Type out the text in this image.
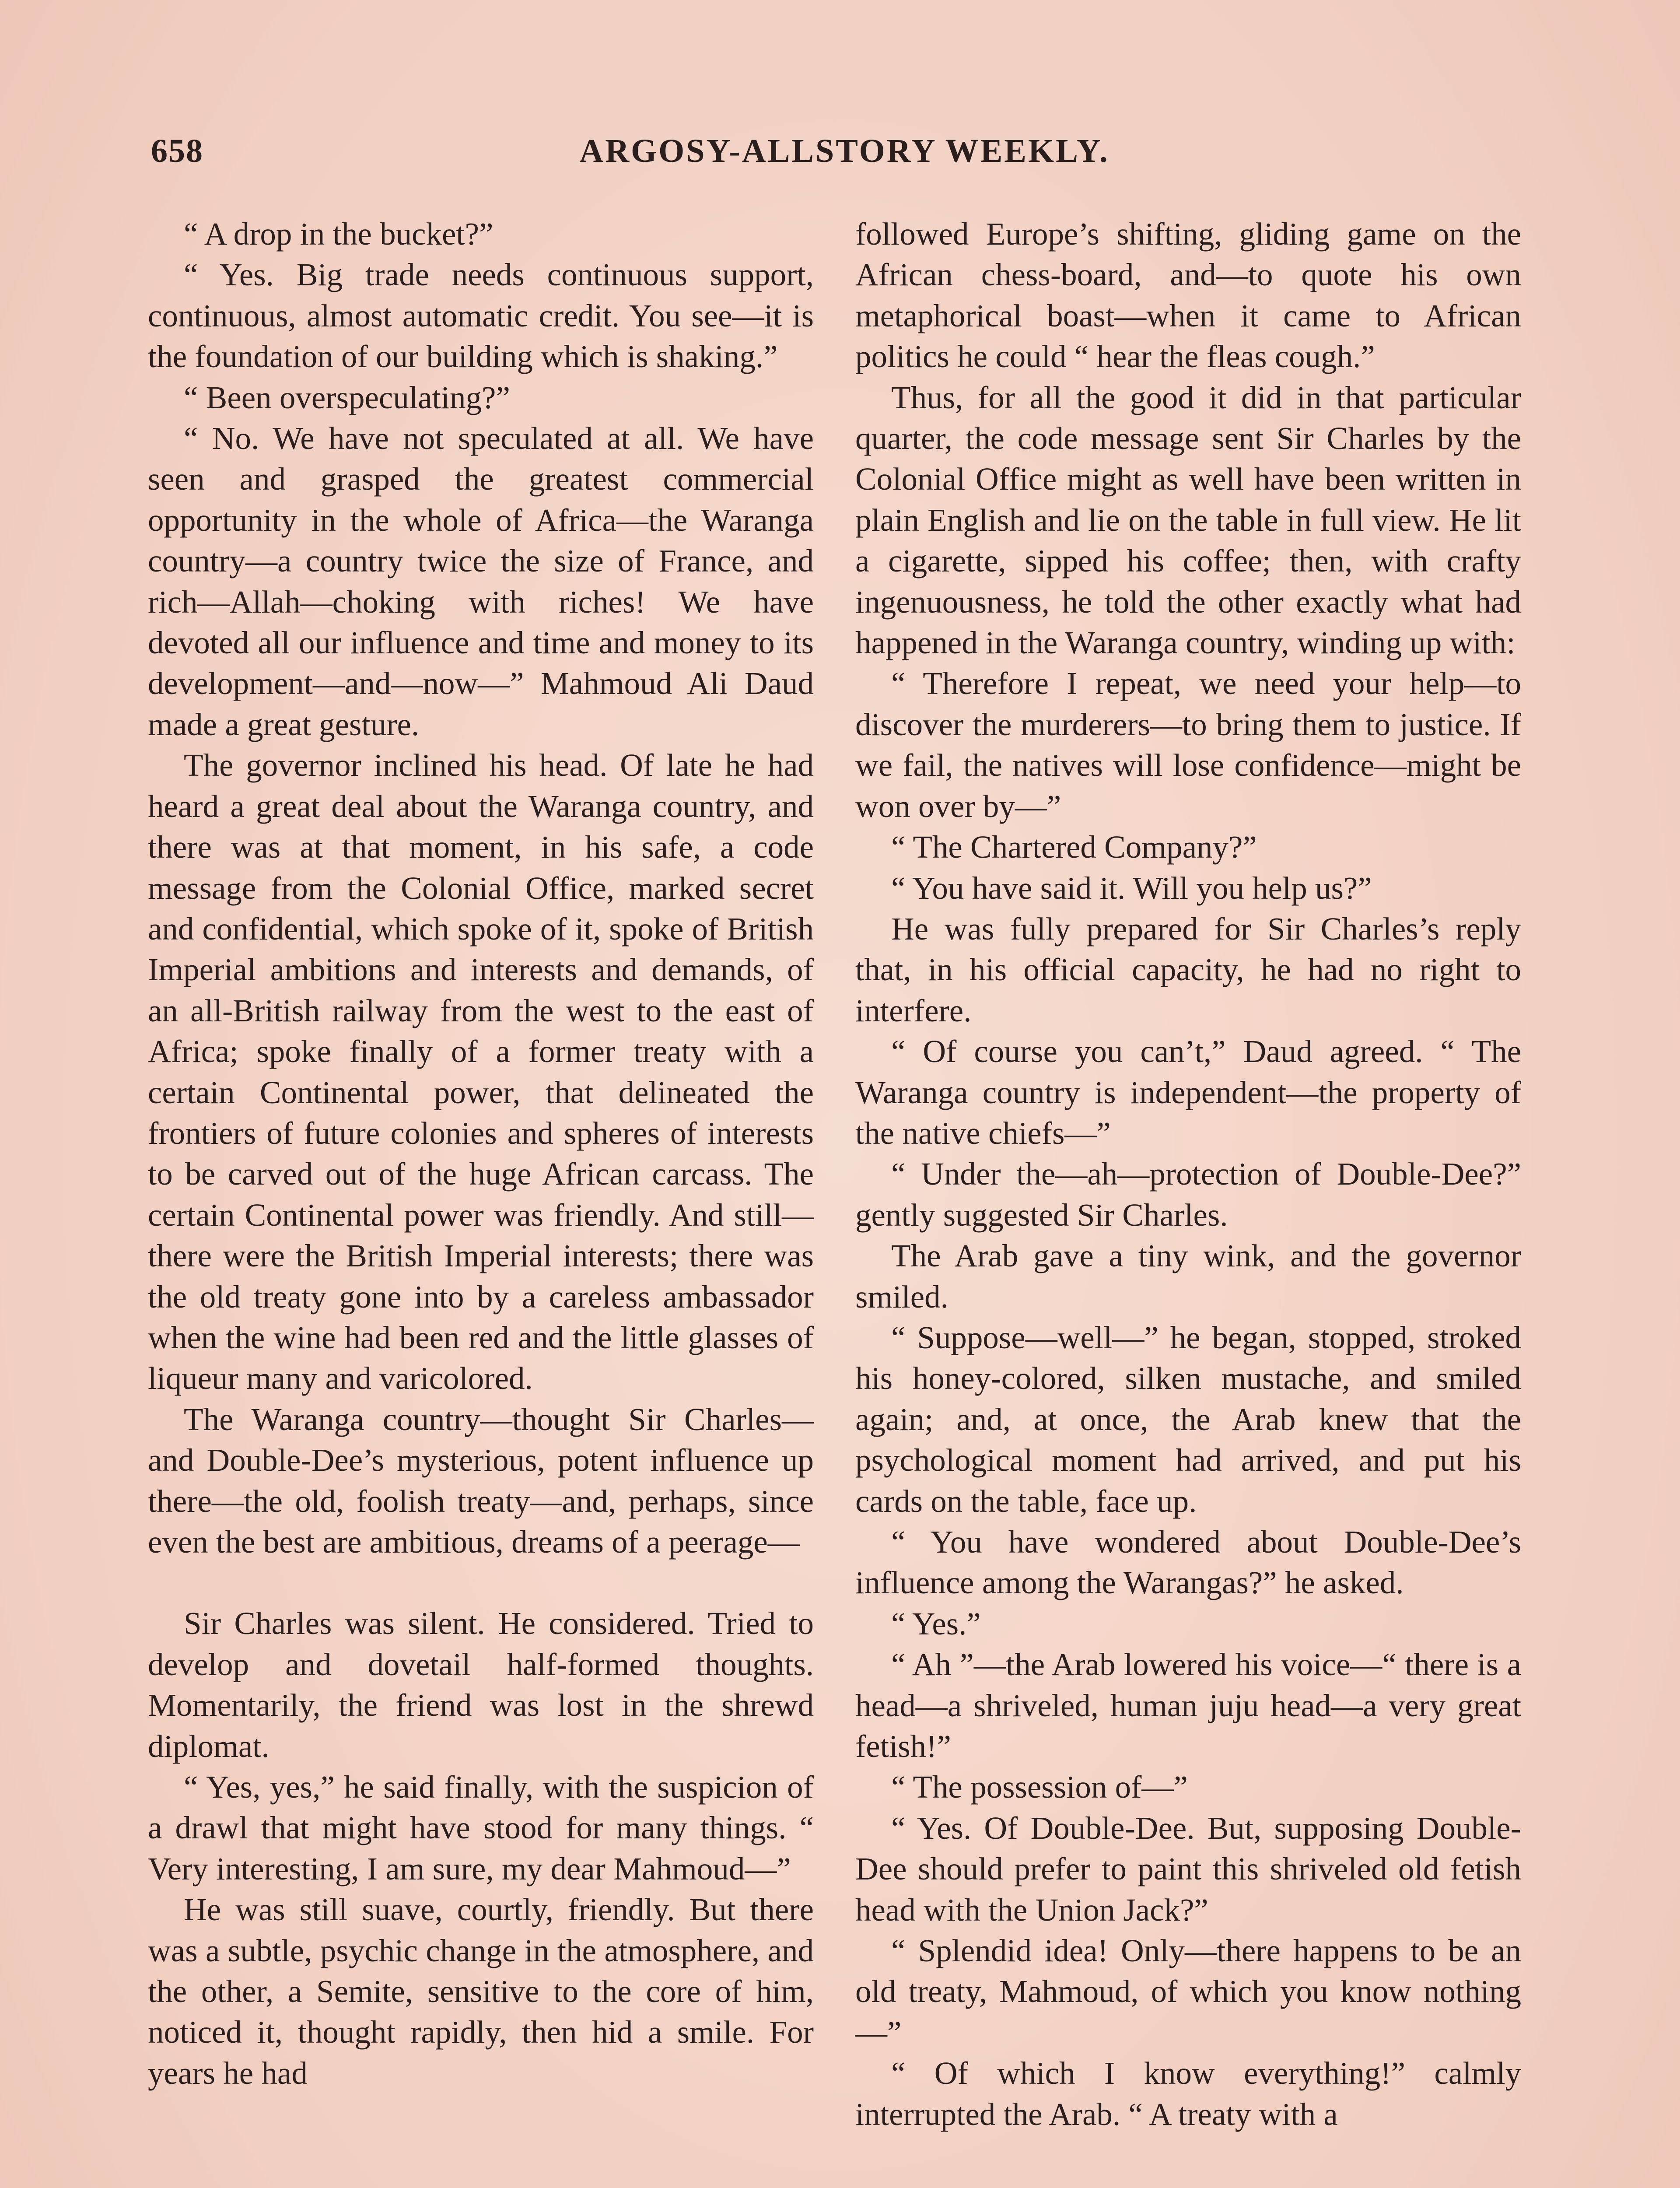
658	ARGOSY-ALLSTORY WEEKLY.

“ A drop in the bucket?”

“ Yes. Big trade needs continuous support, continuous, almost automatic credit. You see—it is the foundation of our building which is shaking.”

“ Been overspeculating?”

“ No. We have not speculated at all. We have seen and grasped the greatest commercial opportunity in the whole of Africa—the Waranga country—a country twice the size of France, and rich—Allah—choking with riches! We have devoted all our influence and time and money to its development—and—now—” Mahmoud Ali Daud made a great gesture.

The governor inclined his head. Of late he had heard a great deal about the Waranga country, and there was at that moment, in his safe, a code message from the Colonial Office, marked secret and confidential, which spoke of it, spoke of British Imperial ambitions and interests and demands, of an all-British railway from the west to the east of Africa; spoke finally of a former treaty with a certain Continental power, that delineated the frontiers of future colonies and spheres of interests to be carved out of the huge African carcass. The certain Continental power was friendly. And still—there were the British Imperial interests; there was the old treaty gone into by a careless ambassador when the wine had been red and the little glasses of liqueur many and varicolored.

The Waranga country—thought Sir Charles—and Double-Dee’s mysterious, potent influence up there—the old, foolish treaty—and, perhaps, since even the best are ambitious, dreams of a peerage—

Sir Charles was silent. He considered. Tried to develop and dovetail half-formed thoughts. Momentarily, the friend was lost in the shrewd diplomat.

“ Yes, yes,” he said finally, with the suspicion of a drawl that might have stood for many things. “ Very interesting, I am sure, my dear Mahmoud—”

He was still suave, courtly, friendly. But there was a subtle, psychic change in the atmosphere, and the other, a Semite, sensitive to the core of him, noticed it, thought rapidly, then hid a smile. For years he had

followed Europe’s shifting, gliding game on the African chess-board, and—to quote his own metaphorical boast—when it came to African politics he could “ hear the fleas cough.”

Thus, for all the good it did in that particular quarter, the code message sent Sir Charles by the Colonial Office might as well have been written in plain English and lie on the table in full view. He lit a cigarette, sipped his coffee; then, with crafty ingenuousness, he told the other exactly what had happened in the Waranga country, winding up with:

“ Therefore I repeat, we need your help—to discover the murderers—to bring them to justice. If we fail, the natives will lose confidence—might be won over by—”

“ The Chartered Company?”

“ You have said it. Will you help us?”

He was fully prepared for Sir Charles’s reply that, in his official capacity, he had no right to interfere.

“ Of course you can’t,” Daud agreed. “ The Waranga country is independent—the property of the native chiefs—”

“ Under the—ah—protection of Double-Dee?” gently suggested Sir Charles.

The Arab gave a tiny wink, and the governor smiled.

“ Suppose—well—” he began, stopped, stroked his honey-colored, silken mustache, and smiled again; and, at once, the Arab knew that the psychological moment had arrived, and put his cards on the table, face up.

“ You have wondered about Double-Dee’s influence among the Warangas?” he asked.

“ Yes.”

“ Ah ”—the Arab lowered his voice—“ there is a head—a shriveled, human juju head—a very great fetish!”

“ The possession of—”

“ Yes. Of Double-Dee. But, supposing Double-Dee should prefer to paint this shriveled old fetish head with the Union Jack?”

“ Splendid idea! Only—there happens to be an old treaty, Mahmoud, of which you know nothing—”

“ Of which I know everything!” calmly interrupted the Arab. “ A treaty with a
